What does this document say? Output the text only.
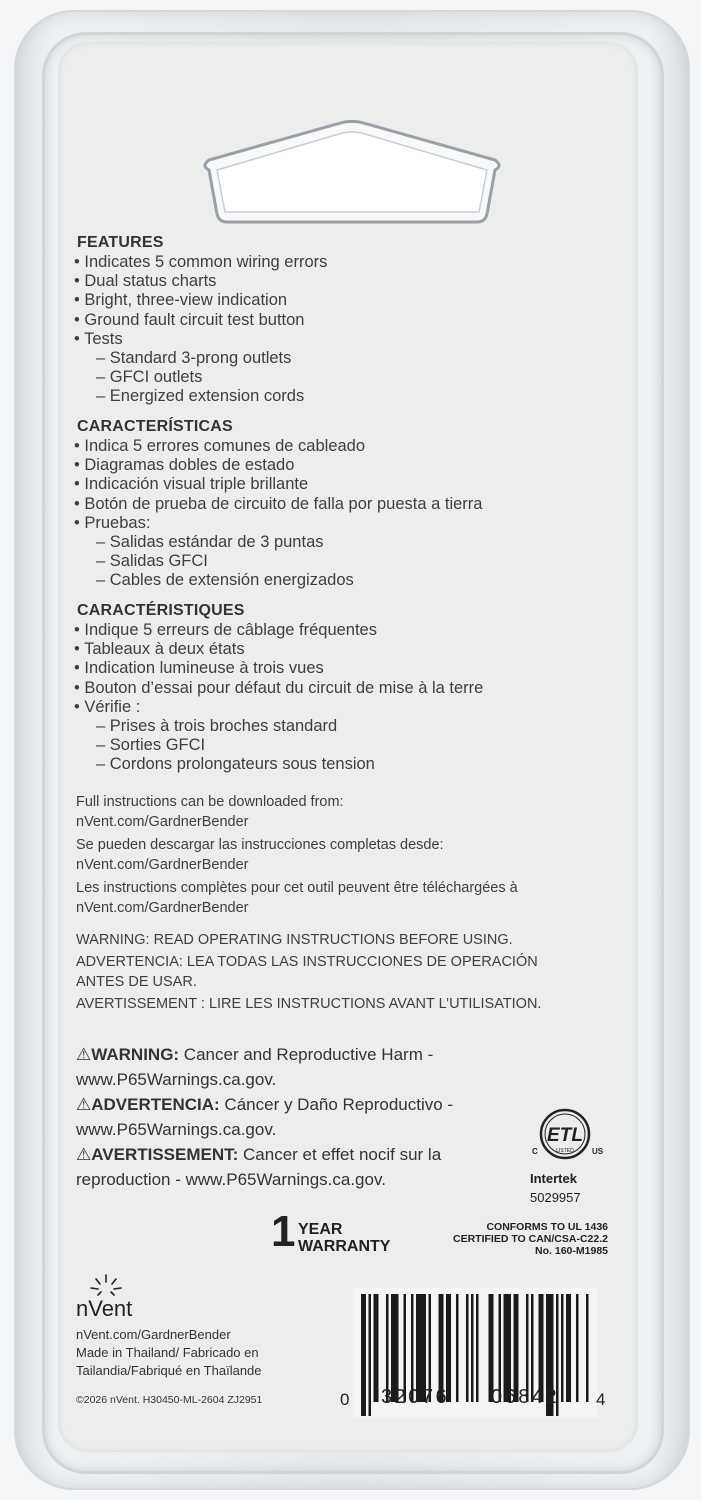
FEATURES
• Indicates 5 common wiring errors
• Dual status charts
• Bright, three-view indication
• Ground fault circuit test button
• Tests
– Standard 3-prong outlets
– GFCI outlets
– Energized extension cords
CARACTERÍSTICAS
• Indica 5 errores comunes de cableado
• Diagramas dobles de estado
• Indicación visual triple brillante
• Botón de prueba de circuito de falla por puesta a tierra
• Pruebas:
– Salidas estándar de 3 puntas
– Salidas GFCI
– Cables de extensión energizados
CARACTÉRISTIQUES
• Indique 5 erreurs de câblage fréquentes
• Tableaux à deux états
• Indication lumineuse à trois vues
• Bouton d’essai pour défaut du circuit de mise à la terre
• Vérifie :
– Prises à trois broches standard
– Sorties GFCI
– Cordons prolongateurs sous tension
Full instructions can be downloaded from:
nVent.com/GardnerBender
Se pueden descargar las instrucciones completas desde:
nVent.com/GardnerBender
Les instructions complètes pour cet outil peuvent être téléchargées à
nVent.com/GardnerBender
WARNING: READ OPERATING INSTRUCTIONS BEFORE USING.
ADVERTENCIA: LEA TODAS LAS INSTRUCCIONES DE OPERACIÓN
ANTES DE USAR.
AVERTISSEMENT : LIRE LES INSTRUCTIONS AVANT L’UTILISATION.
⚠WARNING: Cancer and Reproductive Harm -
www.P65Warnings.ca.gov.
⚠ADVERTENCIA: Cáncer y Daño Reproductivo -
www.P65Warnings.ca.gov.
⚠AVERTISSEMENT: Cancer et effet nocif sur la
reproduction - www.P65Warnings.ca.gov.
ETL
LISTED
C	US
Intertek
5029957
1 YEAR
WARRANTY
CONFORMS TO UL 1436
CERTIFIED TO CAN/CSA-C22.2
No. 160-M1985
nVent
nVent.com/GardnerBender
Made in Thailand/ Fabricado en
Tailandia/Fabriqué en Thaïlande
©2026 nVent. H30450-ML-2604 ZJ2951	0 32076 06842 4
